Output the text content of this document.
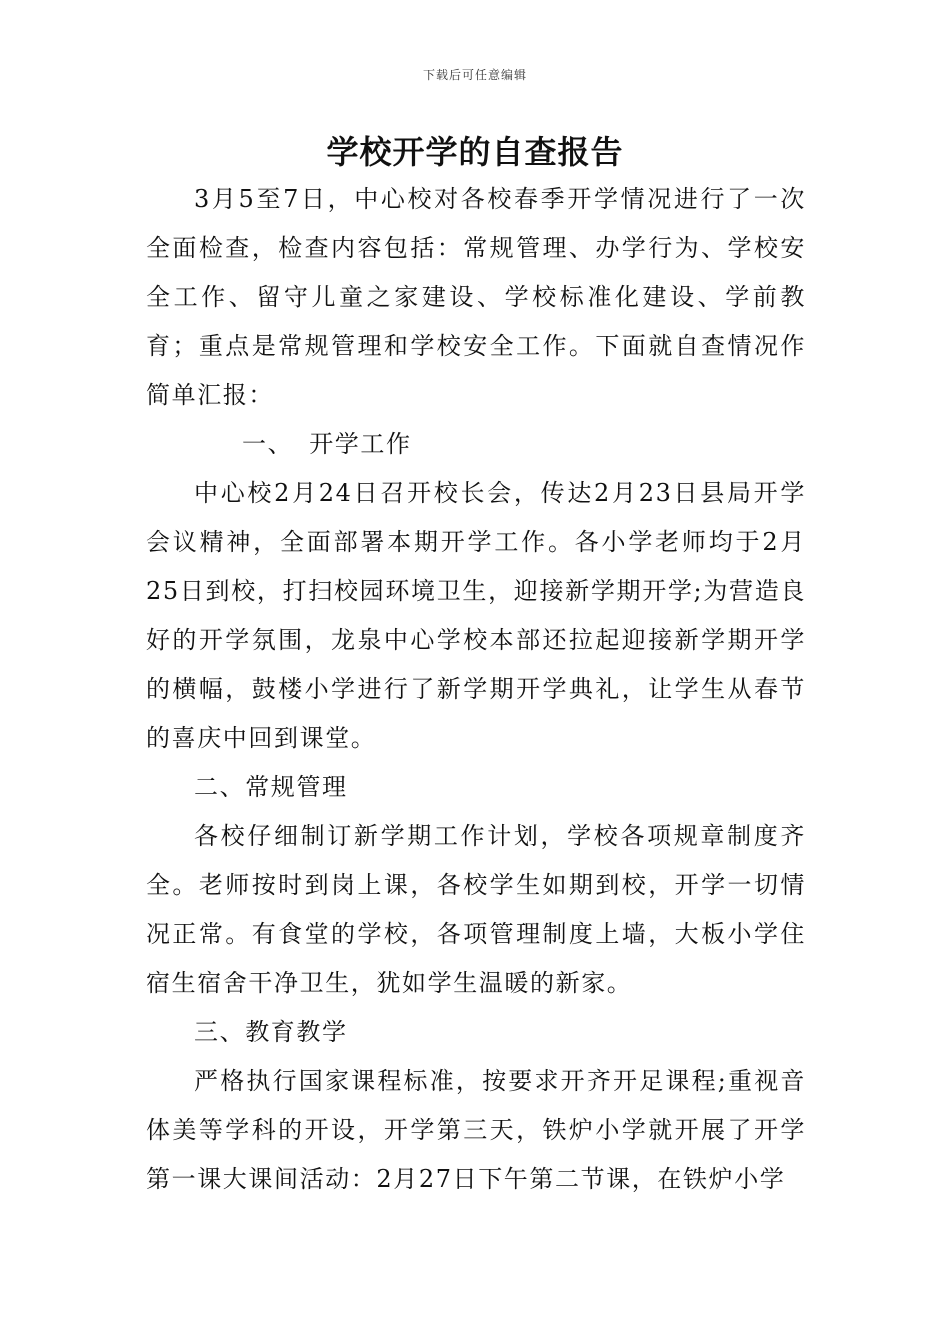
下载后可任意编辑
学校开学的自查报告

3月5至7日，中心校对各校春季开学情况进行了一次全面检查，检查内容包括：常规管理、办学行为、学校安全工作、留守儿童之家建设、学校标准化建设、学前教育；重点是常规管理和学校安全工作。下面就自查情况作简单汇报：

一、 开学工作

中心校2月24日召开校长会，传达2月23日县局开学会议精神，全面部署本期开学工作。各小学老师均于2月25日到校，打扫校园环境卫生，迎接新学期开学;为营造良好的开学氛围，龙泉中心学校本部还拉起迎接新学期开学的横幅，鼓楼小学进行了新学期开学典礼，让学生从春节的喜庆中回到课堂。

二、常规管理

各校仔细制订新学期工作计划，学校各项规章制度齐全。老师按时到岗上课，各校学生如期到校，开学一切情况正常。有食堂的学校，各项管理制度上墙，大板小学住宿生宿舍干净卫生，犹如学生温暖的新家。

三、教育教学

严格执行国家课程标准，按要求开齐开足课程;重视音体美等学科的开设，开学第三天，铁炉小学就开展了开学第一课大课间活动：2月27日下午第二节课，在铁炉小学
